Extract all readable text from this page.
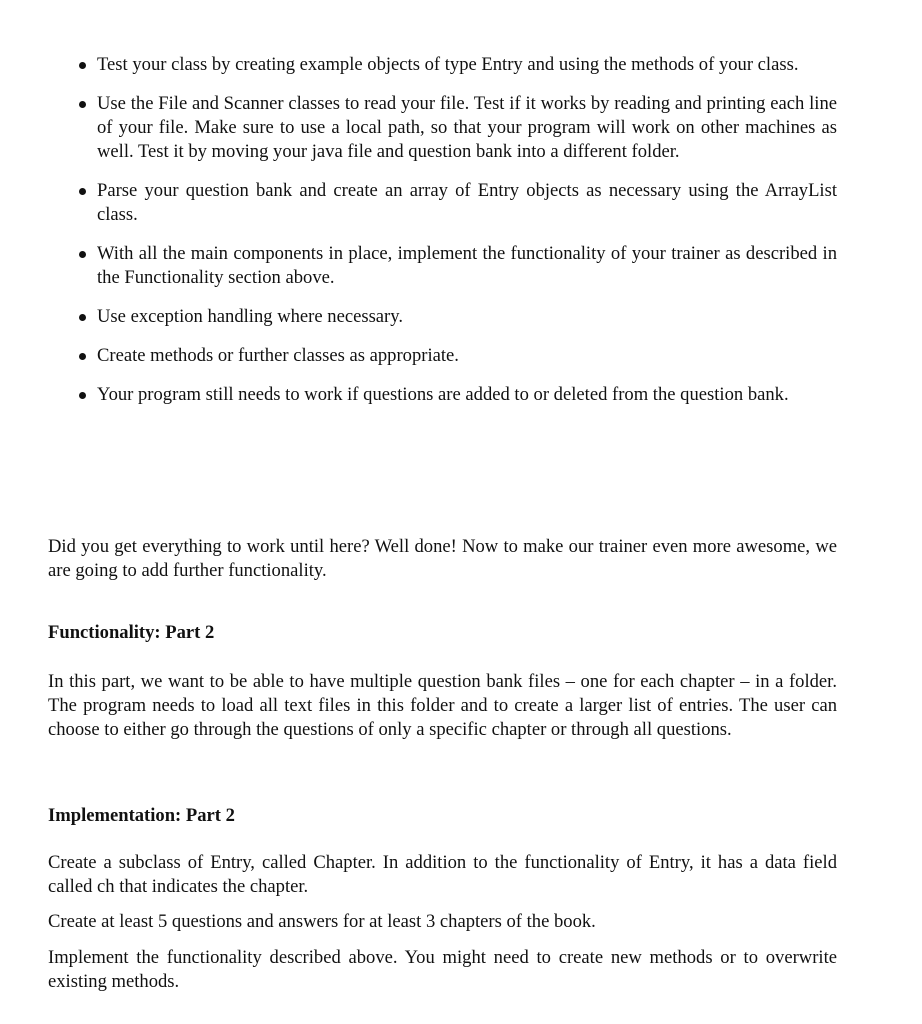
Test your class by creating example objects of type Entry and using the methods of your class.
Use the File and Scanner classes to read your file. Test if it works by reading and printing each line of your file. Make sure to use a local path, so that your program will work on other machines as well. Test it by moving your java file and question bank into a different folder.
Parse your question bank and create an array of Entry objects as necessary using the ArrayList class.
With all the main components in place, implement the functionality of your trainer as described in the Functionality section above.
Use exception handling where necessary.
Create methods or further classes as appropriate.
Your program still needs to work if questions are added to or deleted from the question bank.

Did you get everything to work until here? Well done! Now to make our trainer even more awesome, we are going to add further functionality.

Functionality: Part 2

In this part, we want to be able to have multiple question bank files – one for each chapter – in a folder. The program needs to load all text files in this folder and to create a larger list of entries. The user can choose to either go through the questions of only a specific chapter or through all questions.

Implementation: Part 2

Create a subclass of Entry, called Chapter. In addition to the functionality of Entry, it has a data field called ch that indicates the chapter.

Create at least 5 questions and answers for at least 3 chapters of the book.

Implement the functionality described above. You might need to create new methods or to overwrite existing methods.
